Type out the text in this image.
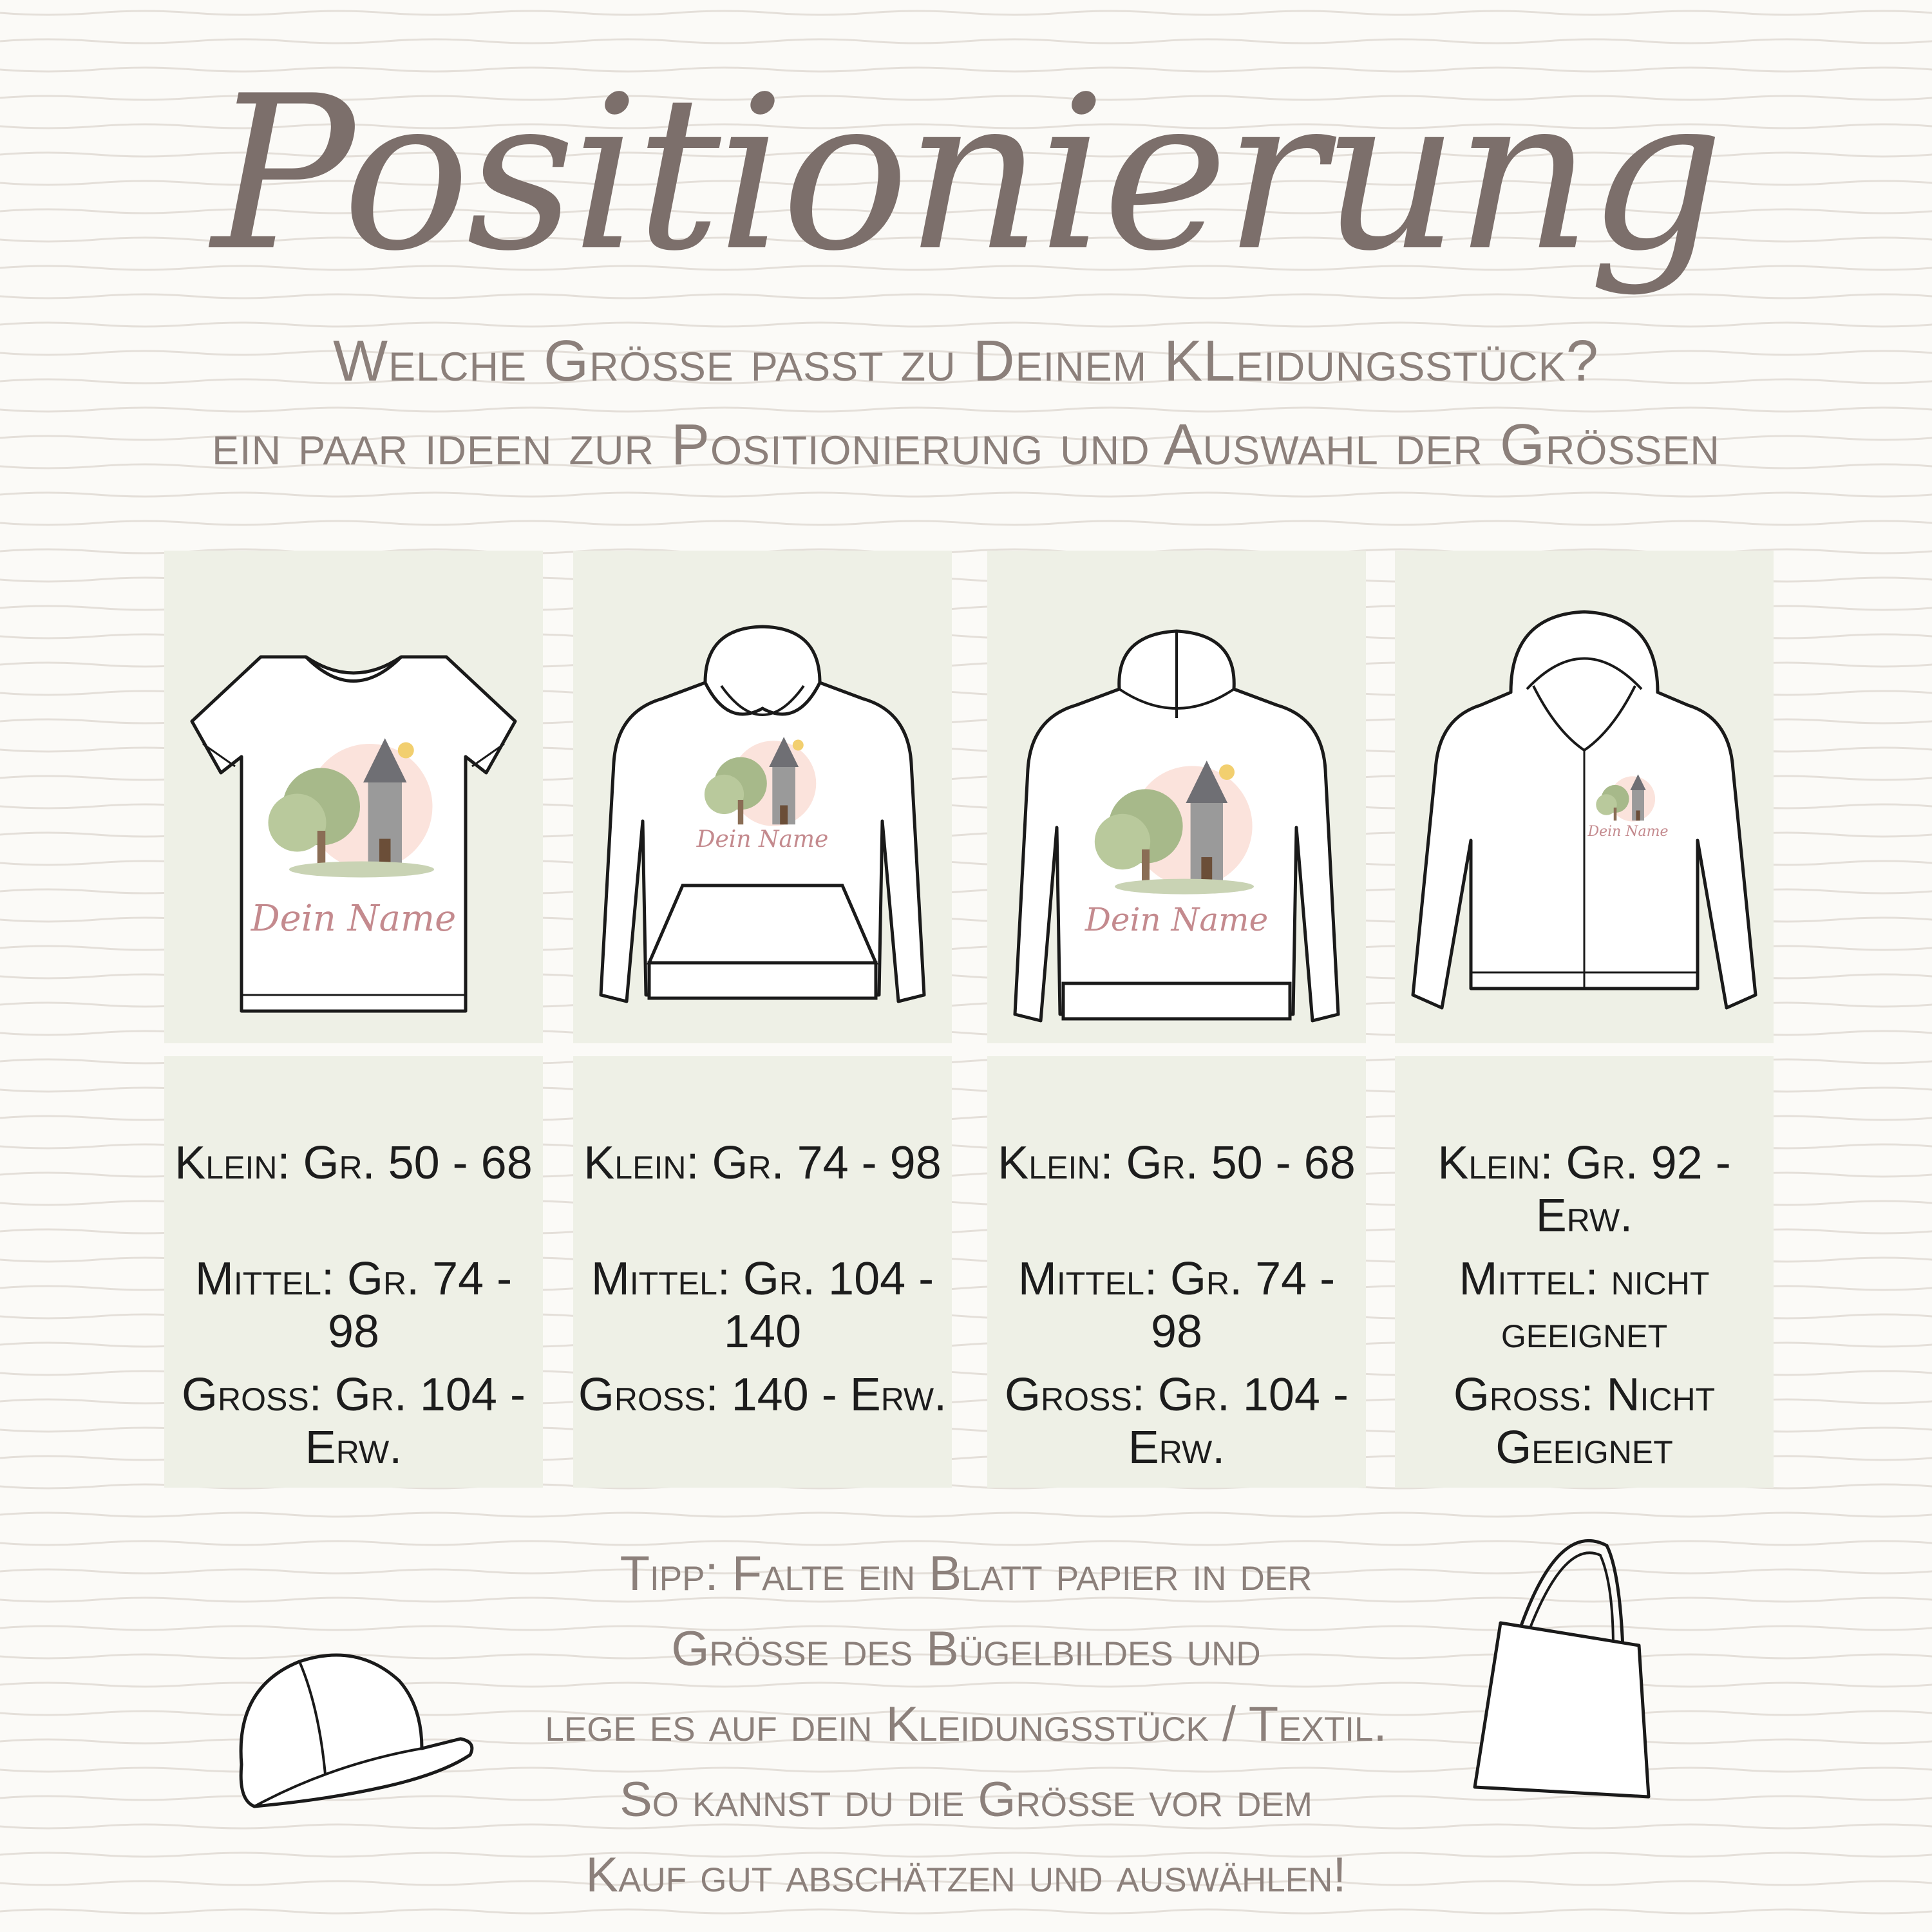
Positionierung
Welche Größe passt zu Deinem KLeidungsstück?
ein paar ideen zur Positionierung und Auswahl der Größen
Dein Name
Klein: Gr. 50 - 68
Mittel: Gr. 74 - 98
Groß: Gr. 104 - Erw.
Dein Name
Klein: Gr. 74 - 98
Mittel: Gr. 104 - 140
Groß: 140 - Erw.
Dein Name
Klein: Gr. 50 - 68
Mittel: Gr. 74 - 98
Groß: Gr. 104 - Erw.
Dein Name
Klein: Gr. 92 - Erw.
Mittel: nicht geeignet
Groß: Nicht Geeignet
Tipp: Falte ein Blatt papier in der
Größe des Bügelbildes und
lege es auf dein Kleidungsstück / Textil.
So kannst du die Größe vor dem
Kauf gut abschätzen und auswählen!
